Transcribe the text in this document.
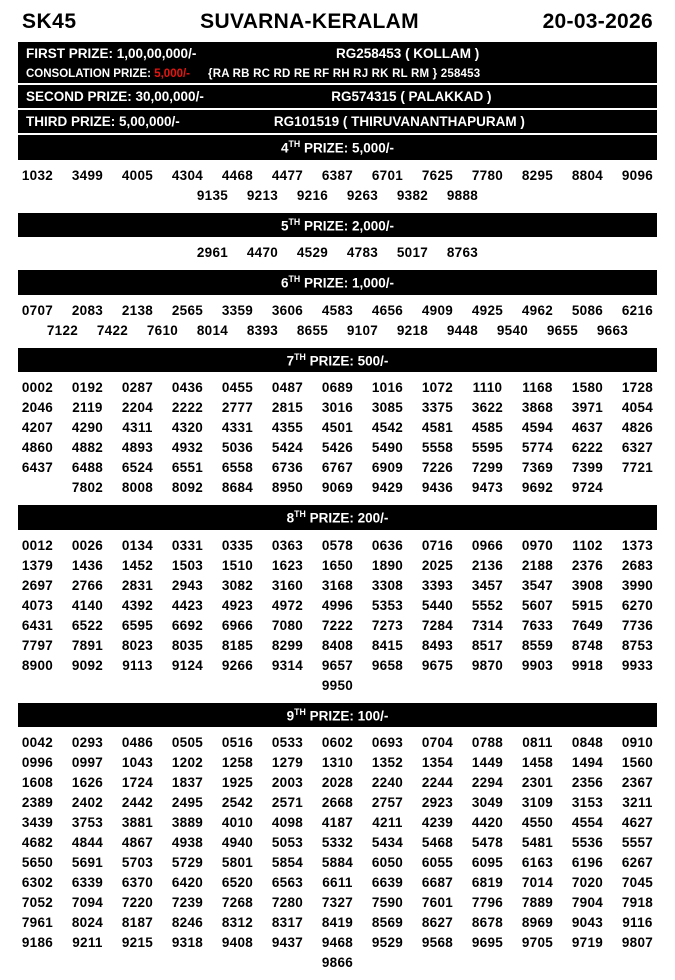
SK45	SUVARNA-KERALAM	20-03-2026
FIRST PRIZE: 1,00,00,000/-	RG258453 ( KOLLAM )
CONSOLATION PRIZE: 5,000/- {RA RB RC RD RE RF RH RJ RK RL RM } 258453
SECOND PRIZE: 30,00,000/-	RG574315 ( PALAKKAD )
THIRD PRIZE: 5,00,000/-	RG101519 ( THIRUVANANTHAPURAM )
4TH PRIZE: 5,000/-
1032	3499	4005	4304	4468	4477	6387	6701	7625	7780	8295	8804	9096
9135	9213	9216	9263	9382	9888
5TH PRIZE: 2,000/-
2961	4470	4529	4783	5017	8763
6TH PRIZE: 1,000/-
0707	2083	2138	2565	3359	3606	4583	4656	4909	4925	4962	5086	6216
7122	7422	7610	8014	8393	8655	9107	9218	9448	9540	9655	9663
7TH PRIZE: 500/-
0002	0192	0287	0436	0455	0487	0689	1016	1072	1110	1168	1580	1728
2046	2119	2204	2222	2777	2815	3016	3085	3375	3622	3868	3971	4054
4207	4290	4311	4320	4331	4355	4501	4542	4581	4585	4594	4637	4826
4860	4882	4893	4932	5036	5424	5426	5490	5558	5595	5774	6222	6327
6437	6488	6524	6551	6558	6736	6767	6909	7226	7299	7369	7399	7721
7802	8008	8092	8684	8950	9069	9429	9436	9473	9692	9724
8TH PRIZE: 200/-
0012	0026	0134	0331	0335	0363	0578	0636	0716	0966	0970	1102	1373
1379	1436	1452	1503	1510	1623	1650	1890	2025	2136	2188	2376	2683
2697	2766	2831	2943	3082	3160	3168	3308	3393	3457	3547	3908	3990
4073	4140	4392	4423	4923	4972	4996	5353	5440	5552	5607	5915	6270
6431	6522	6595	6692	6966	7080	7222	7273	7284	7314	7633	7649	7736
7797	7891	8023	8035	8185	8299	8408	8415	8493	8517	8559	8748	8753
8900	9092	9113	9124	9266	9314	9657	9658	9675	9870	9903	9918	9933
9950
9TH PRIZE: 100/-
0042	0293	0486	0505	0516	0533	0602	0693	0704	0788	0811	0848	0910
0996	0997	1043	1202	1258	1279	1310	1352	1354	1449	1458	1494	1560
1608	1626	1724	1837	1925	2003	2028	2240	2244	2294	2301	2356	2367
2389	2402	2442	2495	2542	2571	2668	2757	2923	3049	3109	3153	3211
3439	3753	3881	3889	4010	4098	4187	4211	4239	4420	4550	4554	4627
4682	4844	4867	4938	4940	5053	5332	5434	5468	5478	5481	5536	5557
5650	5691	5703	5729	5801	5854	5884	6050	6055	6095	6163	6196	6267
6302	6339	6370	6420	6520	6563	6611	6639	6687	6819	7014	7020	7045
7052	7094	7220	7239	7268	7280	7327	7590	7601	7796	7889	7904	7918
7961	8024	8187	8246	8312	8317	8419	8569	8627	8678	8969	9043	9116
9186	9211	9215	9318	9408	9437	9468	9529	9568	9695	9705	9719	9807
9866
